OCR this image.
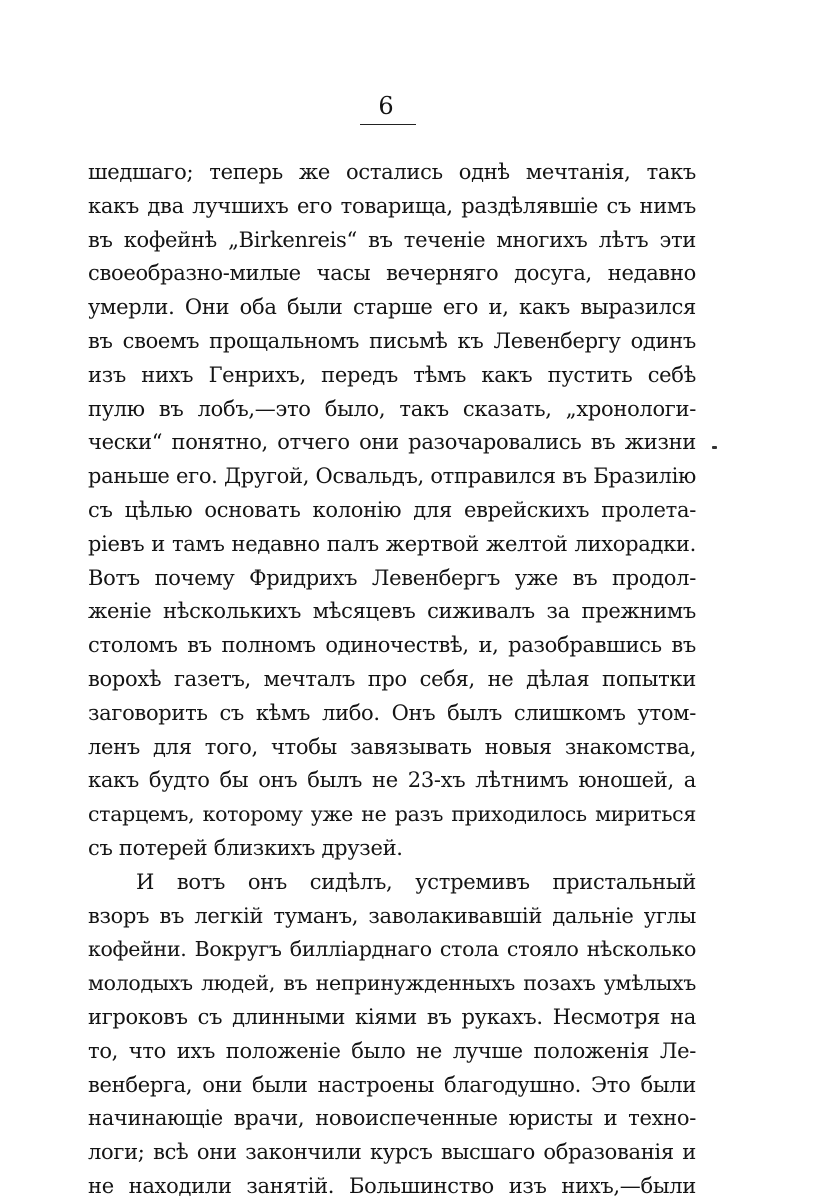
6
шедшаго; теперь же остались однѣ мечтанія, такъ
какъ два лучшихъ его товарища, раздѣлявшіе съ нимъ
въ кофейнѣ „Birkenreis“ въ теченіе многихъ лѣтъ эти
своеобразно-милые часы вечерняго досуга, недавно
умерли. Они оба были старше его и, какъ выразился
въ своемъ прощальномъ письмѣ къ Левенбергу одинъ
изъ нихъ Генрихъ, передъ тѣмъ какъ пустить себѣ
пулю въ лобъ,—это было, такъ сказать, „хронологи-
чески“ понятно, отчего они разочаровались въ жизни
раньше его. Другой, Освальдъ, отправился въ Бразилію
съ цѣлью основать колонію для еврейскихъ пролета-
ріевъ и тамъ недавно палъ жертвой желтой лихорадки.
Вотъ почему Фридрихъ Левенбергъ уже въ продол-
женіе нѣсколькихъ мѣсяцевъ сиживалъ за прежнимъ
столомъ въ полномъ одиночествѣ, и, разобравшись въ
ворохѣ газетъ, мечталъ про себя, не дѣлая попытки
заговорить съ кѣмъ либо. Онъ былъ слишкомъ утом-
ленъ для того, чтобы завязывать новыя знакомства,
какъ будто бы онъ былъ не 23-хъ лѣтнимъ юношей, а
старцемъ, которому уже не разъ приходилось мириться
съ потерей близкихъ друзей.
И вотъ онъ сидѣлъ, устремивъ пристальный
взоръ въ легкій туманъ, заволакивавшій дальніе углы
кофейни. Вокругъ билліарднаго стола стояло нѣсколько
молодыхъ людей, въ непринужденныхъ позахъ умѣлыхъ
игроковъ съ длинными кіями въ рукахъ. Несмотря на
то, что ихъ положеніе было не лучше положенія Ле-
венберга, они были настроены благодушно. Это были
начинающіе врачи, новоиспеченные юристы и техно-
логи; всѣ они закончили курсъ высшаго образованія и
не находили занятій. Большинство изъ нихъ,—были
